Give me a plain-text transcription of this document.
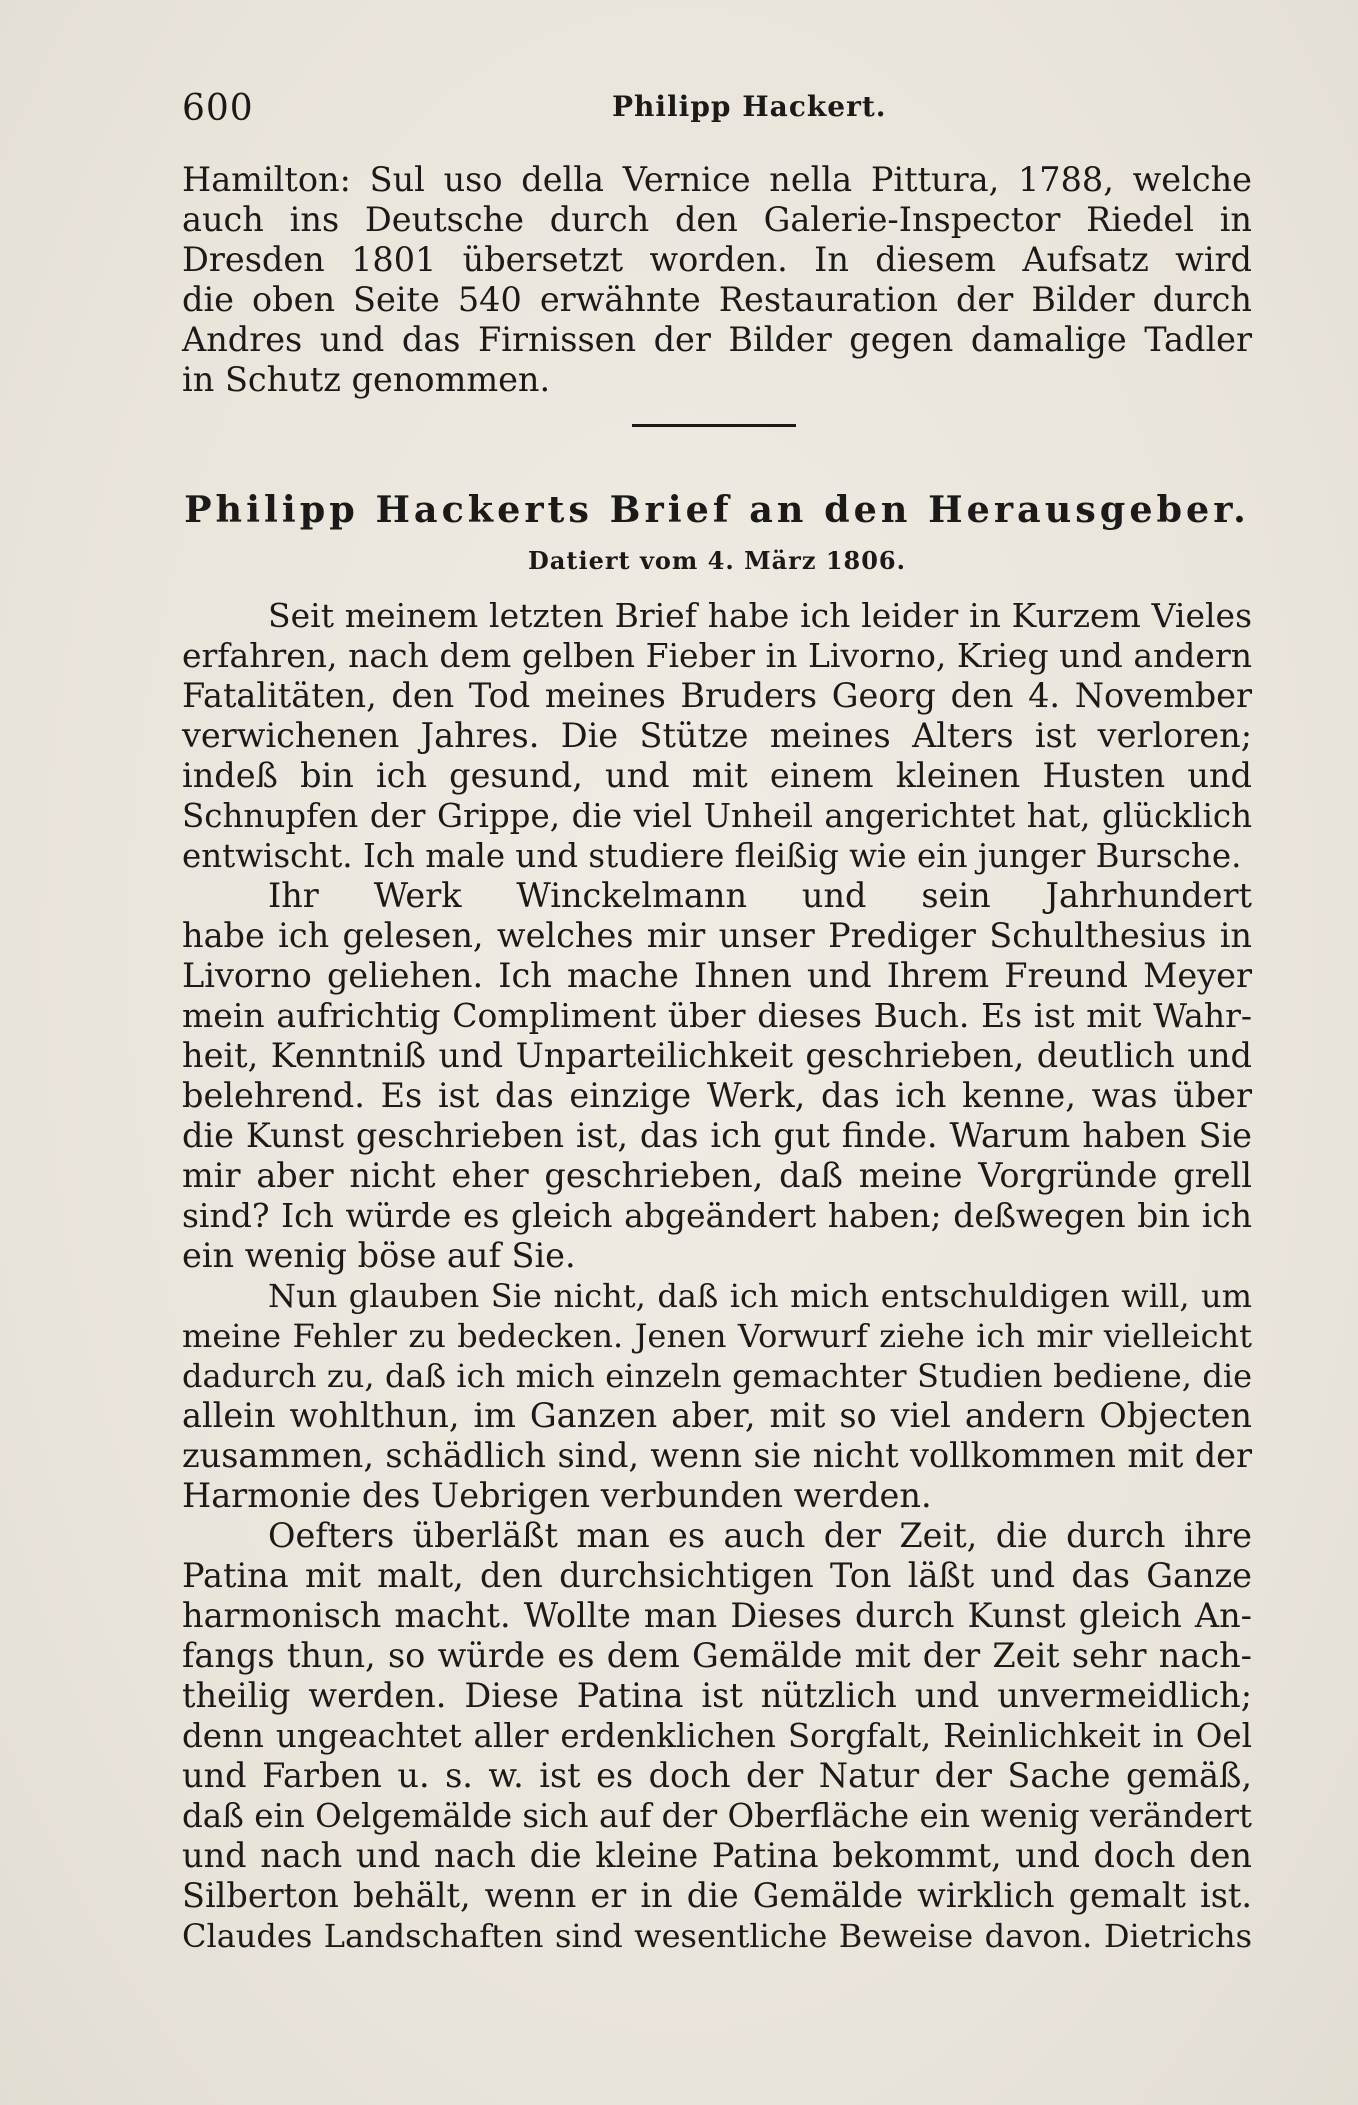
600	Philipp Hackert.
Hamilton: Sul uso della Vernice nella Pittura, 1788, welche
auch ins Deutsche durch den Galerie-Inspector Riedel in
Dresden 1801 übersetzt worden. In diesem Aufsatz wird
die oben Seite 540 erwähnte Restauration der Bilder durch
Andres und das Firnissen der Bilder gegen damalige Tadler
in Schutz genommen.
Philipp Hackerts Brief an den Herausgeber.
Datiert vom 4. März 1806.
Seit meinem letzten Brief habe ich leider in Kurzem Vieles
erfahren, nach dem gelben Fieber in Livorno, Krieg und andern
Fatalitäten, den Tod meines Bruders Georg den 4. November
verwichenen Jahres. Die Stütze meines Alters ist verloren;
indeß bin ich gesund, und mit einem kleinen Husten und
Schnupfen der Grippe, die viel Unheil angerichtet hat, glücklich
entwischt. Ich male und studiere fleißig wie ein junger Bursche.
Ihr Werk Winckelmann und sein Jahrhundert
habe ich gelesen, welches mir unser Prediger Schulthesius in
Livorno geliehen. Ich mache Ihnen und Ihrem Freund Meyer
mein aufrichtig Compliment über dieses Buch. Es ist mit Wahr-
heit, Kenntniß und Unparteilichkeit geschrieben, deutlich und
belehrend. Es ist das einzige Werk, das ich kenne, was über
die Kunst geschrieben ist, das ich gut finde. Warum haben Sie
mir aber nicht eher geschrieben, daß meine Vorgründe grell
sind? Ich würde es gleich abgeändert haben; deßwegen bin ich
ein wenig böse auf Sie.
Nun glauben Sie nicht, daß ich mich entschuldigen will, um
meine Fehler zu bedecken. Jenen Vorwurf ziehe ich mir vielleicht
dadurch zu, daß ich mich einzeln gemachter Studien bediene, die
allein wohlthun, im Ganzen aber, mit so viel andern Objecten
zusammen, schädlich sind, wenn sie nicht vollkommen mit der
Harmonie des Uebrigen verbunden werden.
Oefters überläßt man es auch der Zeit, die durch ihre
Patina mit malt, den durchsichtigen Ton läßt und das Ganze
harmonisch macht. Wollte man Dieses durch Kunst gleich An-
fangs thun, so würde es dem Gemälde mit der Zeit sehr nach-
theilig werden. Diese Patina ist nützlich und unvermeidlich;
denn ungeachtet aller erdenklichen Sorgfalt, Reinlichkeit in Oel
und Farben u. s. w. ist es doch der Natur der Sache gemäß,
daß ein Oelgemälde sich auf der Oberfläche ein wenig verändert
und nach und nach die kleine Patina bekommt, und doch den
Silberton behält, wenn er in die Gemälde wirklich gemalt ist.
Claudes Landschaften sind wesentliche Beweise davon. Dietrichs
